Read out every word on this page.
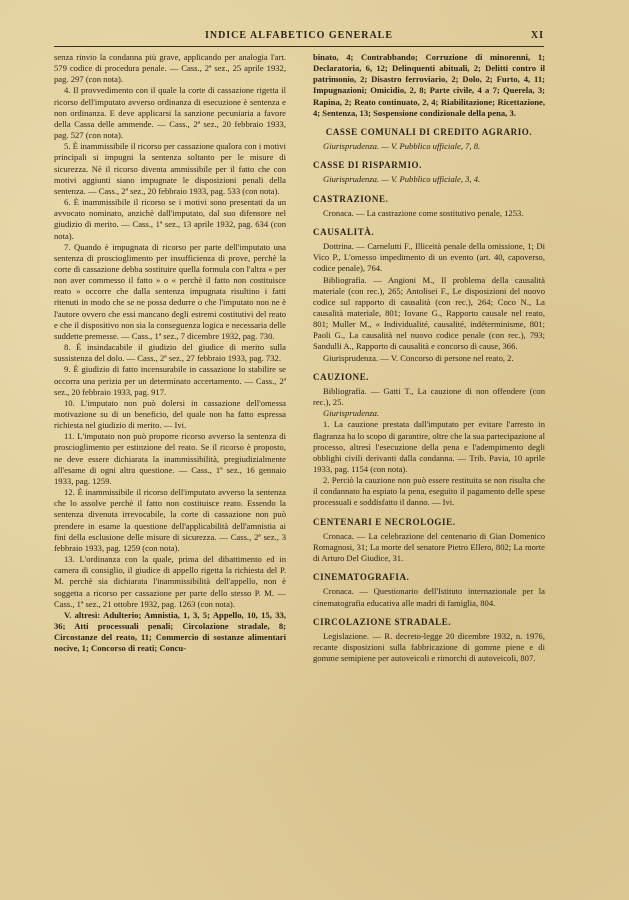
INDICE ALFABETICO GENERALE	XI

senza rinvio la condanna più grave, applicando per analogia l'art. 579 codice di procedura penale. — Cass., 2ª sez., 25 aprile 1932, pag. 297 (con nota).

4. Il provvedimento con il quale la corte di cassazione rigetta il ricorso dell'imputato avverso ordinanza di esecuzione è sentenza e non ordinanza. E deve applicarsi la sanzione pecuniaria a favore della Cassa delle ammende. — Cass., 2ª sez., 20 febbraio 1933, pag. 527 (con nota).

5. È inammissibile il ricorso per cassazione qualora con i motivi principali si impugni la sentenza soltanto per le misure di sicurezza. Nè il ricorso diventa ammissibile per il fatto che con motivi aggiunti siano impugnate le disposizioni penali della sentenza. — Cass., 2ª sez., 20 febbraio 1933, pag. 533 (con nota).

6. È inammissibile il ricorso se i motivi sono presentati da un avvocato nominato, anzichè dall'imputato, dal suo difensore nel giudizio di merito. — Cass., 1ª sez., 13 aprile 1932, pag. 634 (con nota).

7. Quando è impugnata di ricorso per parte dell'imputato una sentenza di proscioglimento per insufficienza di prove, perchè la corte di cassazione debba sostituire quella formula con l'altra « per non aver commesso il fatto » o « perchè il fatto non costituisce reato » occorre che dalla sentenza impugnata risultino i fatti ritenuti in modo che se ne possa dedurre o che l'imputato non ne è l'autore ovvero che essi mancano degli estremi costitutivi del reato e che il dispositivo non sia la conseguenza logica e necessaria delle suddette premesse. — Cass., 1ª sez., 7 dicembre 1932, pag. 730.

8. È insindacabile il giudizio del giudice di merito sulla sussistenza del dolo. — Cass., 2ª sez., 27 febbraio 1933, pag. 732.

9. È giudizio di fatto incensurabile in cassazione lo stabilire se occorra una perizia per un determinato accertamento. — Cass., 2ª sez., 20 febbraio 1933, pag. 917.

10. L'imputato non può dolersi in cassazione dell'omessa motivazione su di un beneficio, del quale non ha fatto espressa richiesta nel giudizio di merito. — Ivi.

11. L'imputato non può proporre ricorso avverso la sentenza di proscioglimento per estinzione del reato. Se il ricorso è proposto, ne deve essere dichiarata la inammissibilità, pregiudizialmente all'esame di ogni altra questione. — Cass., 1ª sez., 16 gennaio 1933, pag. 1259.

12. È inammissibile il ricorso dell'imputato avverso la sentenza che lo assolve perchè il fatto non costituisce reato. Essendo la sentenza divenuta irrevocabile, la corte di cassazione non può prendere in esame la questione dell'applicabilità dell'amnistia ai fini della esclusione delle misure di sicurezza. — Cass., 2ª sez., 3 febbraio 1933, pag. 1259 (con nota).

13. L'ordinanza con la quale, prima del dibattimento ed in camera di consiglio, il giudice di appello rigetta la richiesta del P. M. perchè sia dichiarata l'inammissibilità dell'appello, non è soggetta a ricorso per cassazione per parte dello stesso P. M. — Cass., 1ª sez., 21 ottobre 1932, pag. 1263 (con nota).

V. altresì: Adulterio; Amnistia, 1, 3, 5; Appello, 10, 15, 33, 36; Atti processuali penali; Circolazione stradale, 8; Circostanze del reato, 11; Commercio di sostanze alimentari nocive, 1; Concorso di reati; Concu-

binato, 4; Contrabbando; Corruzione di minorenni, 1; Declaratoria, 6, 12; Delinquenti abituali, 2; Delitti contro il patrimonio, 2; Disastro ferroviario, 2; Dolo, 2; Furto, 4, 11; Impugnazioni; Omicidio, 2, 8; Parte civile, 4 a 7; Querela, 3; Rapina, 2; Reato continuato, 2, 4; Riabilitazione; Ricettazione, 4; Sentenza, 13; Sospensione condizionale della pena, 3.

CASSE COMUNALI DI CREDITO AGRARIO.

Giurisprudenza. — V. Pubblico ufficiale, 7, 8.

CASSE DI RISPARMIO.

Giurisprudenza. — V. Pubblico ufficiale, 3, 4.

CASTRAZIONE.

Cronaca. — La castrazione come sostitutivo penale, 1253.

CAUSALITÀ.

Dottrina. — Carnelutti F., Illiceità penale della omissione, 1; Di Vico P., L'omesso impedimento di un evento (art. 40, capoverso, codice penale), 764.

Bibliografia. — Angioni M., Il problema della causalità materiale (con rec.), 265; Antolisei F., Le disposizioni del nuovo codice sul rapporto di causalità (con rec.), 264; Coco N., La causalità materiale, 801; Iovane G., Rapporto causale nel reato, 801; Muller M., « Individualité, causalité, indéterminisme, 801; Paoli G., La causalità nel nuovo codice penale (con rec.), 793; Sandulli A., Rapporto di causalità e concorso di cause, 366.

Giurisprudenza. — V. Concorso di persone nel reato, 2.

CAUZIONE.

Bibliografia. — Gatti T., La cauzione di non offendere (con rec.), 25.

Giurisprudenza.

1. La cauzione prestata dall'imputato per evitare l'arresto in flagranza ha lo scopo di garantire, oltre che la sua partecipazione al processo, altresì l'esecuzione della pena e l'adempimento degli obblighi civili derivanti dalla condanna. — Trib. Pavia, 10 aprile 1933, pag. 1154 (con nota).

2. Perciò la cauzione non può essere restituita se non risulta che il condannato ha espiato la pena, eseguito il pagamento delle spese processuali e soddisfatto il danno. — Ivi.

CENTENARI E NECROLOGIE.

Cronaca. — La celebrazione del centenario di Gian Domenico Romagnosi, 31; La morte del senatore Pietro Ellero, 802; La morte di Arturo Del Giudice, 31.

CINEMATOGRAFIA.

Cronaca. — Questionario dell'Istituto internazionale per la cinematografia educativa alle madri di famiglia, 804.

CIRCOLAZIONE STRADALE.

Legislazione. — R. decreto-legge 20 dicembre 1932, n. 1976, recante disposizioni sulla fabbricazione di gomme piene e di gomme semipiene per autoveicoli e rimorchi di autoveicoli, 807.
